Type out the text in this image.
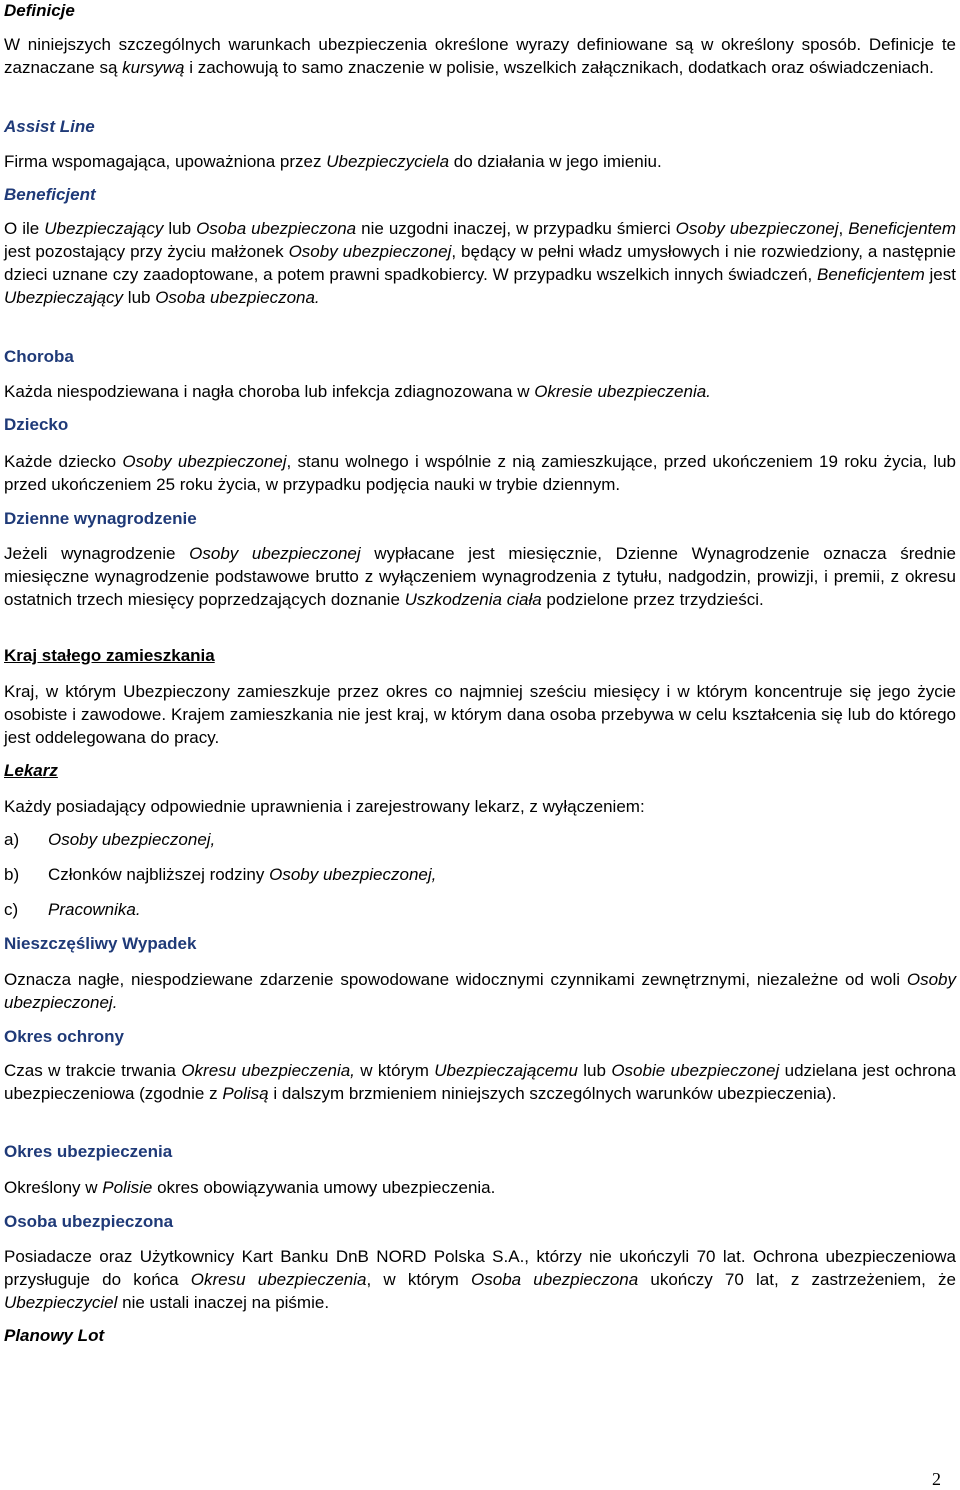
Definicje
W niniejszych szczególnych warunkach ubezpieczenia określone wyrazy definiowane są w określony sposób. Definicje te zaznaczane są kursywą i zachowują to samo znaczenie w polisie, wszelkich załącznikach, dodatkach oraz oświadczeniach.
Assist Line
Firma wspomagająca, upoważniona przez Ubezpieczyciela do działania w jego imieniu.
Beneficjent
O ile Ubezpieczający lub Osoba ubezpieczona nie uzgodni inaczej, w przypadku śmierci Osoby ubezpieczonej, Beneficjentem jest pozostający przy życiu małżonek Osoby ubezpieczonej, będący w pełni władz umysłowych i nie rozwiedziony, a następnie dzieci uznane czy zaadoptowane, a potem prawni spadkobiercy. W przypadku wszelkich innych świadczeń, Beneficjentem jest Ubezpieczający lub Osoba ubezpieczona.
Choroba
Każda niespodziewana i nagła choroba lub infekcja zdiagnozowana w Okresie ubezpieczenia.
Dziecko
Każde dziecko Osoby ubezpieczonej, stanu wolnego i wspólnie z nią zamieszkujące, przed ukończeniem 19 roku życia, lub przed ukończeniem 25 roku życia, w przypadku podjęcia nauki w trybie dziennym.
Dzienne wynagrodzenie
Jeżeli wynagrodzenie Osoby ubezpieczonej wypłacane jest miesięcznie, Dzienne Wynagrodzenie oznacza średnie miesięczne wynagrodzenie podstawowe brutto z wyłączeniem wynagrodzenia z tytułu, nadgodzin, prowizji, i premii, z okresu ostatnich trzech miesięcy poprzedzających doznanie Uszkodzenia ciała podzielone przez trzydzieści.
Kraj stałego zamieszkania
Kraj, w którym Ubezpieczony zamieszkuje przez okres co najmniej sześciu miesięcy i w którym koncentruje się jego życie osobiste i zawodowe. Krajem zamieszkania nie jest kraj, w którym dana osoba przebywa w celu kształcenia się lub do którego jest oddelegowana do pracy.
Lekarz
Każdy posiadający odpowiednie uprawnienia i zarejestrowany lekarz, z wyłączeniem:
a) Osoby ubezpieczonej,
b) Członków najbliższej rodziny Osoby ubezpieczonej,
c) Pracownika.
Nieszczęśliwy Wypadek
Oznacza nagłe, niespodziewane zdarzenie spowodowane widocznymi czynnikami zewnętrznymi, niezależne od woli Osoby ubezpieczonej.
Okres ochrony
Czas w trakcie trwania Okresu ubezpieczenia, w którym Ubezpieczającemu lub Osobie ubezpieczonej udzielana jest ochrona ubezpieczeniowa (zgodnie z Polisą i dalszym brzmieniem niniejszych szczególnych warunków ubezpieczenia).
Okres ubezpieczenia
Określony w Polisie okres obowiązywania umowy ubezpieczenia.
Osoba ubezpieczona
Posiadacze oraz Użytkownicy Kart Banku DnB NORD Polska S.A., którzy nie ukończyli 70 lat. Ochrona ubezpieczeniowa przysługuje do końca Okresu ubezpieczenia, w którym Osoba ubezpieczona ukończy 70 lat, z zastrzeżeniem, że Ubezpieczyciel nie ustali inaczej na piśmie.
Planowy Lot
2
